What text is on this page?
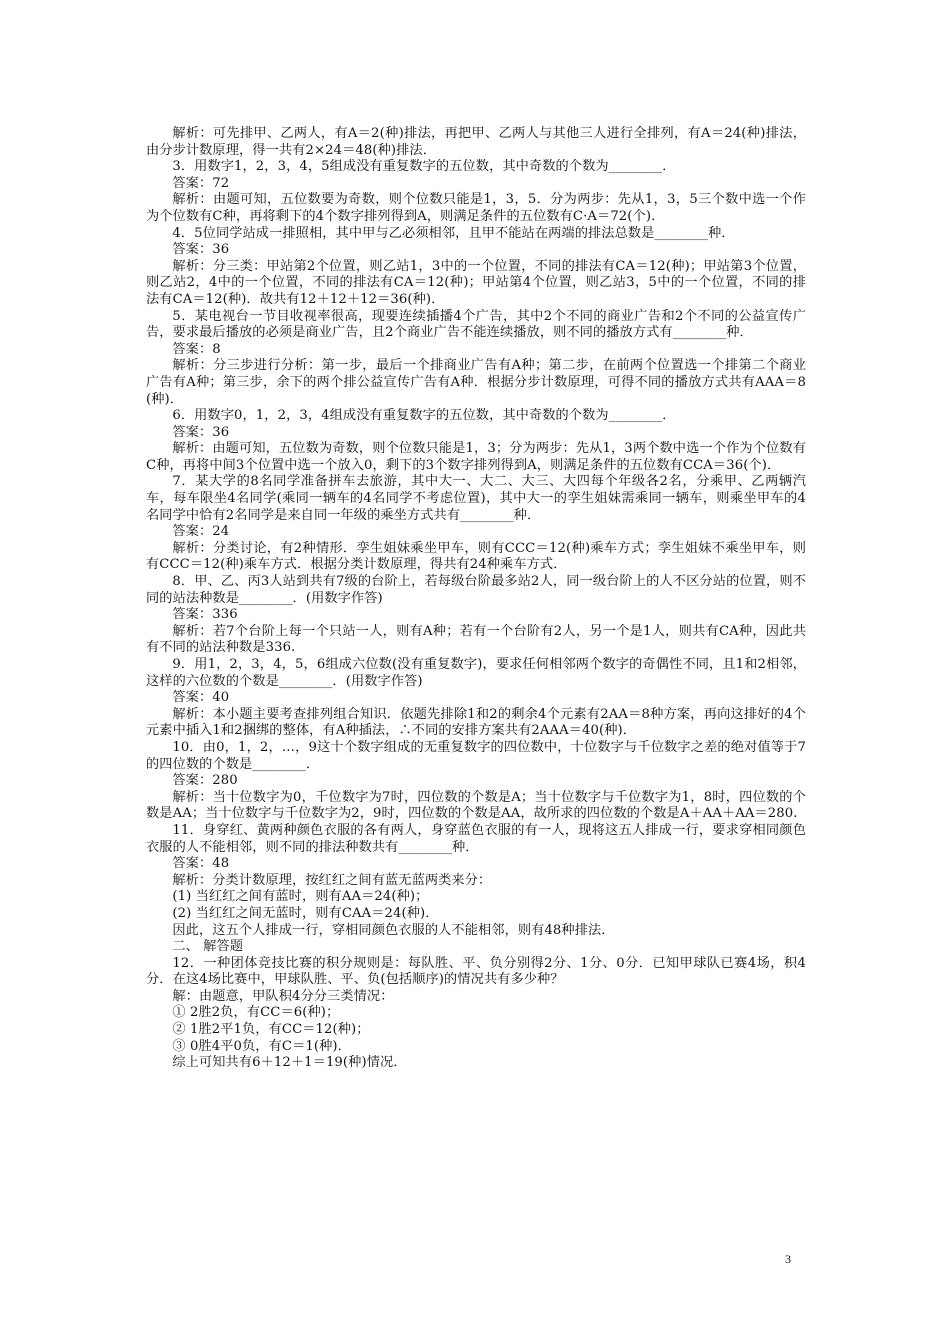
解析：可先排甲、乙两人，有A＝2(种)排法，再把甲、乙两人与其他三人进行全排列，有A＝24(种)排法，由分步计数原理，得一共有2×24＝48(种)排法．

3．用数字1，2，3，4，5组成没有重复数字的五位数，其中奇数的个数为________．

答案：72

解析：由题可知，五位数要为奇数，则个位数只能是1，3，5．分为两步：先从1，3，5三个数中选一个作为个位数有C种，再将剩下的4个数字排列得到A，则满足条件的五位数有C·A＝72(个)．

4．5位同学站成一排照相，其中甲与乙必须相邻，且甲不能站在两端的排法总数是________种．

答案：36

解析：分三类：甲站第2个位置，则乙站1，3中的一个位置，不同的排法有CA＝12(种)；甲站第3个位置，则乙站2，4中的一个位置，不同的排法有CA＝12(种)；甲站第4个位置，则乙站3，5中的一个位置，不同的排法有CA＝12(种)．故共有12＋12＋12＝36(种)．

5．某电视台一节目收视率很高，现要连续插播4个广告，其中2个不同的商业广告和2个不同的公益宣传广告，要求最后播放的必须是商业广告，且2个商业广告不能连续播放，则不同的播放方式有________种．

答案：8

解析：分三步进行分析：第一步，最后一个排商业广告有A种；第二步，在前两个位置选一个排第二个商业广告有A种；第三步，余下的两个排公益宣传广告有A种．根据分步计数原理，可得不同的播放方式共有AAA＝8(种)．

6．用数字0，1，2，3，4组成没有重复数字的五位数，其中奇数的个数为________．

答案：36

解析：由题可知，五位数为奇数，则个位数只能是1，3；分为两步：先从1，3两个数中选一个作为个位数有C种，再将中间3个位置中选一个放入0，剩下的3个数字排列得到A，则满足条件的五位数有CCA＝36(个)．

7．某大学的8名同学准备拼车去旅游，其中大一、大二、大三、大四每个年级各2名，分乘甲、乙两辆汽车，每车限坐4名同学(乘同一辆车的4名同学不考虑位置)，其中大一的孪生姐妹需乘同一辆车，则乘坐甲车的4名同学中恰有2名同学是来自同一年级的乘坐方式共有________种．

答案：24

解析：分类讨论，有2种情形．孪生姐妹乘坐甲车，则有CCC＝12(种)乘车方式；孪生姐妹不乘坐甲车，则有CCC＝12(种)乘车方式．根据分类计数原理，得共有24种乘车方式．

8．甲、乙、丙3人站到共有7级的台阶上，若每级台阶最多站2人，同一级台阶上的人不区分站的位置，则不同的站法种数是________．(用数字作答)

答案：336

解析：若7个台阶上每一个只站一人，则有A种；若有一个台阶有2人，另一个是1人，则共有CA种，因此共有不同的站法种数是336.

9．用1，2，3，4，5，6组成六位数(没有重复数字)，要求任何相邻两个数字的奇偶性不同，且1和2相邻，这样的六位数的个数是________．(用数字作答)

答案：40

解析：本小题主要考查排列组合知识．依题先排除1和2的剩余4个元素有2AA＝8种方案，再向这排好的4个元素中插入1和2捆绑的整体，有A种插法，∴不同的安排方案共有2AAA＝40(种)．

10．由0，1，2，…，9这十个数字组成的无重复数字的四位数中，十位数字与千位数字之差的绝对值等于7的四位数的个数是________．

答案：280

解析：当十位数字为0，千位数字为7时，四位数的个数是A；当十位数字与千位数字为1，8时，四位数的个数是AA；当十位数字与千位数字为2，9时，四位数的个数是AA，故所求的四位数的个数是A＋AA＋AA＝280.

11．身穿红、黄两种颜色衣服的各有两人，身穿蓝色衣服的有一人，现将这五人排成一行，要求穿相同颜色衣服的人不能相邻，则不同的排法种数共有________种．

答案：48

解析：分类计数原理，按红红之间有蓝无蓝两类来分：

(1) 当红红之间有蓝时，则有AA＝24(种)；

(2) 当红红之间无蓝时，则有CAA＝24(种)．

因此，这五个人排成一行，穿相同颜色衣服的人不能相邻，则有48种排法．

二、 解答题

12．一种团体竞技比赛的积分规则是：每队胜、平、负分别得2分、1分、0分．已知甲球队已赛4场，积4分．在这4场比赛中，甲球队胜、平、负(包括顺序)的情况共有多少种？

解：由题意，甲队积4分分三类情况：

① 2胜2负，有CC＝6(种)；

② 1胜2平1负，有CC＝12(种)；

③ 0胜4平0负，有C＝1(种)．

综上可知共有6＋12＋1＝19(种)情况．

3
